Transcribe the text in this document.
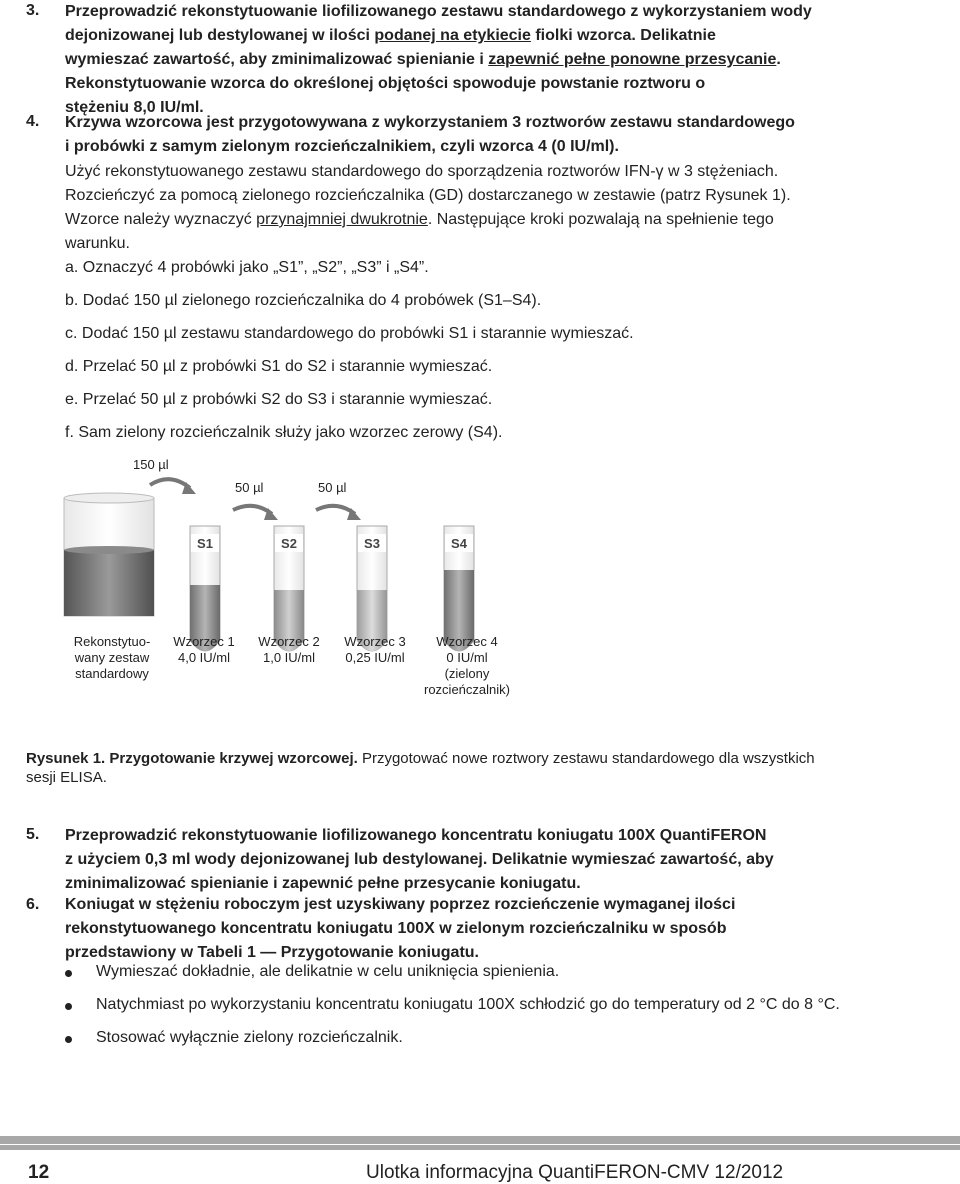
3. Przeprowadzić rekonstytuowanie liofilizowanego zestawu standardowego z wykorzystaniem wody
dejonizowanej lub destylowanej w ilości podanej na etykiecie fiolki wzorca. Delikatnie
wymieszać zawartość, aby zminimalizować spienianie i zapewnić pełne ponowne przesycanie.
Rekonstytuowanie wzorca do określonej objętości spowoduje powstanie roztworu o
stężeniu 8,0 IU/ml.
4. Krzywa wzorcowa jest przygotowywana z wykorzystaniem 3 roztworów zestawu standardowego
i probówki z samym zielonym rozcieńczalnikiem, czyli wzorca 4 (0 IU/ml).
Użyć rekonstytuowanego zestawu standardowego do sporządzenia roztworów IFN-γ w 3 stężeniach.
Rozcieńczyć za pomocą zielonego rozcieńczalnika (GD) dostarczanego w zestawie (patrz Rysunek 1).
Wzorce należy wyznaczyć przynajmniej dwukrotnie. Następujące kroki pozwalają na spełnienie tego
warunku.
a. Oznaczyć 4 probówki jako „S1”, „S2”, „S3” i „S4”.
b. Dodać 150 µl zielonego rozcieńczalnika do 4 probówek (S1–S4).
c. Dodać 150 µl zestawu standardowego do probówki S1 i starannie wymieszać.
d. Przelać 50 µl z probówki S1 do S2 i starannie wymieszać.
e. Przelać 50 µl z probówki S2 do S3 i starannie wymieszać.
f. Sam zielony rozcieńczalnik służy jako wzorzec zerowy (S4).
150 µl
50 µl	50 µl
S1	S2	S3	S4
Rekonstytuo-
wany zestaw
standardowy
Wzorzec 1
4,0 IU/ml
Wzorzec 2
1,0 IU/ml
Wzorzec 3
0,25 IU/ml
Wzorzec 4
0 IU/ml
(zielony
rozcieńczalnik)
Rysunek 1. Przygotowanie krzywej wzorcowej. Przygotować nowe roztwory zestawu standardowego dla wszystkich
sesji ELISA.
5. Przeprowadzić rekonstytuowanie liofilizowanego koncentratu koniugatu 100X QuantiFERON
z użyciem 0,3 ml wody dejonizowanej lub destylowanej. Delikatnie wymieszać zawartość, aby
zminimalizować spienianie i zapewnić pełne przesycanie koniugatu.
6. Koniugat w stężeniu roboczym jest uzyskiwany poprzez rozcieńczenie wymaganej ilości
rekonstytuowanego koncentratu koniugatu 100X w zielonym rozcieńczalniku w sposób
przedstawiony w Tabeli 1 — Przygotowanie koniugatu.
Wymieszać dokładnie, ale delikatnie w celu uniknięcia spienienia.
Natychmiast po wykorzystaniu koncentratu koniugatu 100X schłodzić go do temperatury od 2 °C do 8 °C.
Stosować wyłącznie zielony rozcieńczalnik.
12	Ulotka informacyjna QuantiFERON-CMV 12/2012
